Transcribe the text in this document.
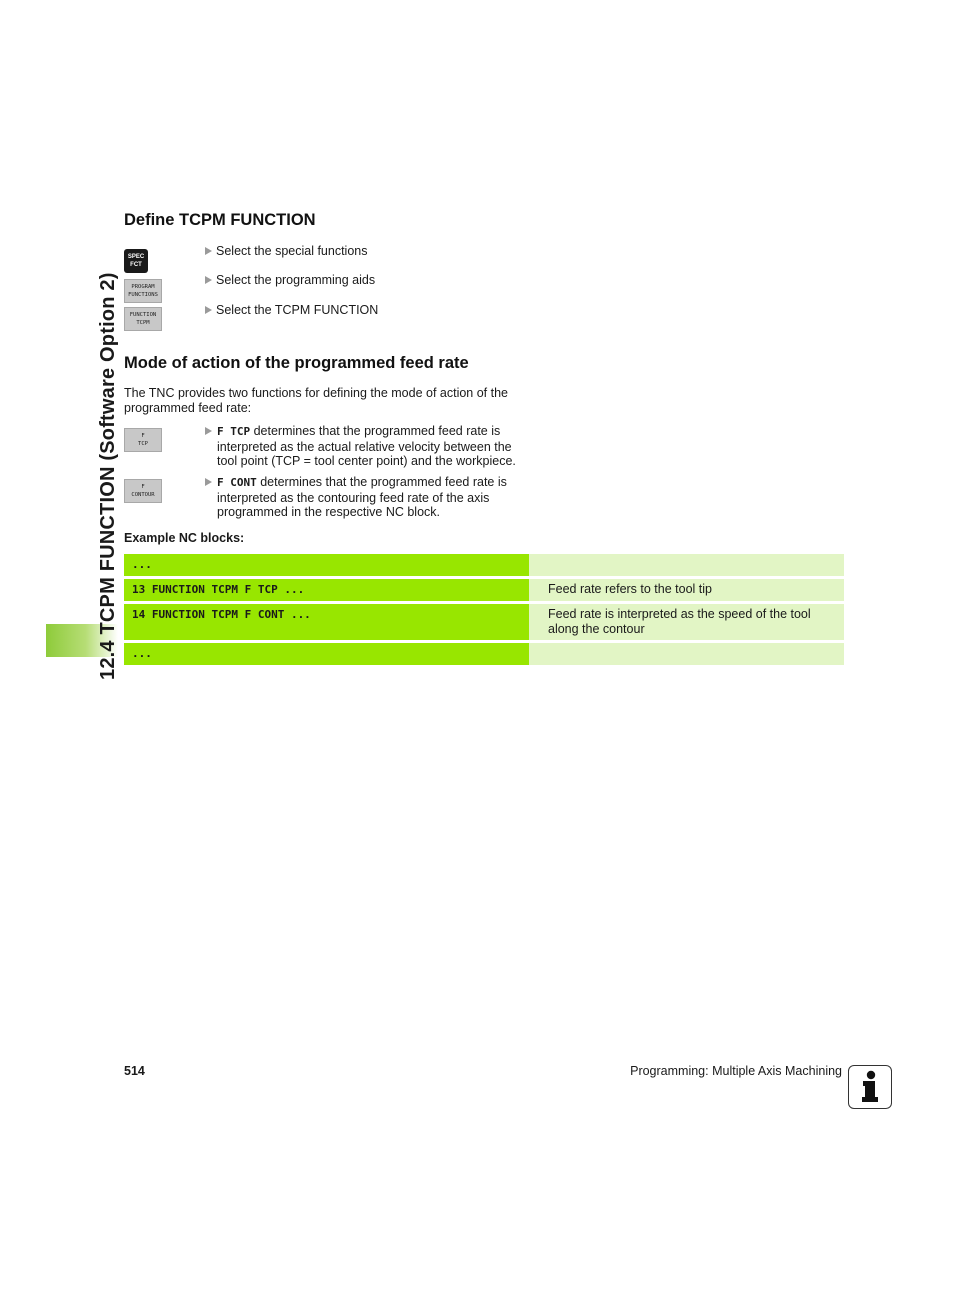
12.4 TCPM FUNCTION (Software Option 2)
Define TCPM FUNCTION
SPEC
FCT
Select the special functions
PROGRAM
FUNCTIONS
Select the programming aids
FUNCTION
TCPM
Select the TCPM FUNCTION
Mode of action of the programmed feed rate
The TNC provides two functions for defining the mode of action of the programmed feed rate:
F
TCP
F TCP determines that the programmed feed rate is interpreted as the actual relative velocity between the tool point (TCP = tool center point) and the workpiece.
F
CONTOUR
F CONT determines that the programmed feed rate is interpreted as the contouring feed rate of the axis programmed in the respective NC block.
Example NC blocks:
...
13 FUNCTION TCPM F TCP ...	Feed rate refers to the tool tip
14 FUNCTION TCPM F CONT ...	Feed rate is interpreted as the speed of the tool along the contour
...
514	Programming: Multiple Axis Machining
